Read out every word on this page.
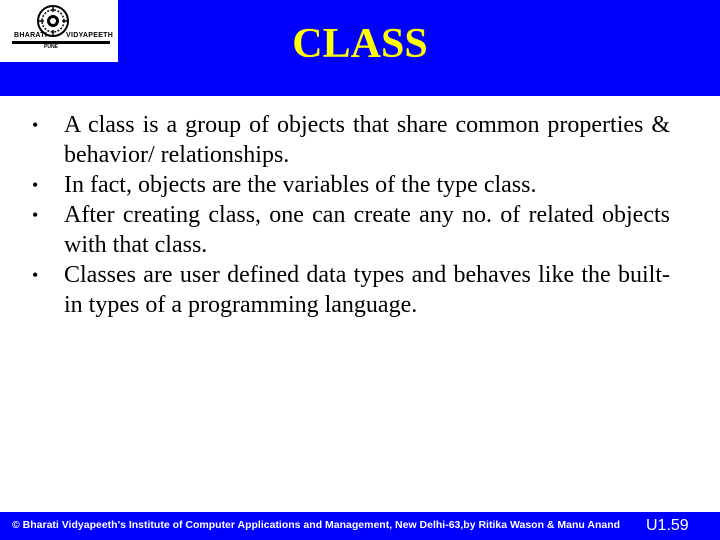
BHARATI	VIDYAPEETH
PUNE	CLASS
• A class is a group of objects that share common properties & behavior/ relationships.
• In fact, objects are the variables of the type class.
• After creating class, one can create any no. of related objects with that class.
• Classes are user defined data types and behaves like the built-in types of a programming language.
© Bharati Vidyapeeth's Institute of Computer Applications and Management, New Delhi-63,by Ritika Wason & Manu Anand U1.59
